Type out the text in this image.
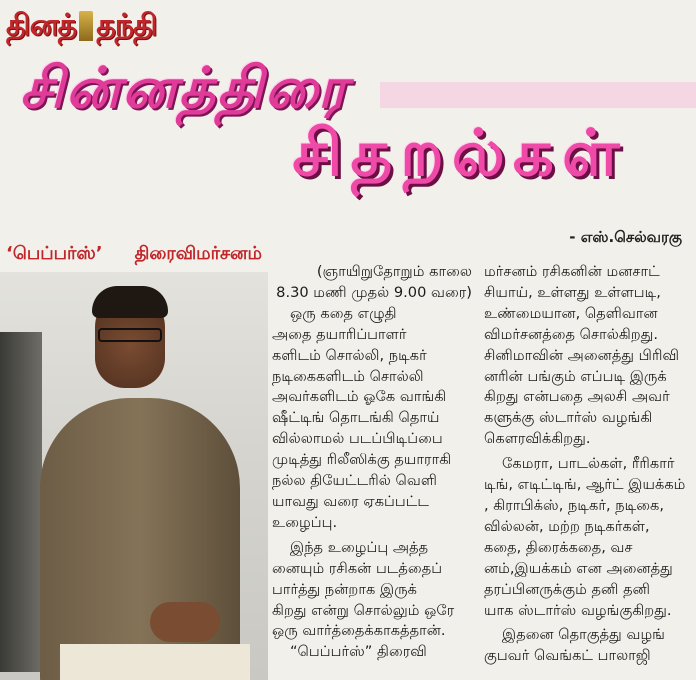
தினத் தந்தி
சின்னத்திரை
சிதறல்கள்
- எஸ்.செல்வரகு
‘பெப்பர்ஸ்’ திரைவிமர்சனம்
(ஞாயிறுதோறும் காலை
8.30 மணி முதல் 9.00 வரை)
ஒரு கதை எழுதி
அதை தயாரிப்பாளர்
களிடம் சொல்லி, நடிகர்
நடிகைகளிடம் சொல்லி
அவர்களிடம் ஓகே வாங்கி
ஷீட்டிங் தொடங்கி தொய்
வில்லாமல் படப்பிடிப்பை
முடித்து ரிலீஸிக்கு தயாராகி
நல்ல தியேட்டரில் வெளி
யாவது வரை ஏகப்பட்ட
உழைப்பு.
இந்த உழைப்பு அத்த
னையும் ரசிகன் படத்தைப்
பார்த்து நன்றாக இருக்
கிறது என்று சொல்லும் ஒரே
ஒரு வார்த்தைக்காகத்தான்.
“பெப்பர்ஸ்” திரைவி
மர்சனம் ரசிகனின் மனசாட்
சியாய், உள்ளது உள்ளபடி,
உண்மையான, தெளிவான
விமர்சனத்தை சொல்கிறது.
சினிமாவின் அனைத்து பிரிவி
னரின் பங்கும் எப்படி இருக்
கிறது என்பதை அலசி அவர்
களுக்கு ஸ்டார்ஸ் வழங்கி
கௌரவிக்கிறது.
கேமரா, பாடல்கள், ரீரிகார்
டிங், எடிட்டிங், ஆர்ட் இயக்கம்
, கிராபிக்ஸ், நடிகர், நடிகை,
வில்லன், மற்ற நடிகர்கள்,
கதை, திரைக்கதை, வச
னம்,இயக்கம் என அனைத்து
தரப்பினருக்கும் தனி தனி
யாக ஸ்டார்ஸ் வழங்குகிறது.
இதனை தொகுத்து வழங்
குபவர் வெங்கட் பாலாஜி
